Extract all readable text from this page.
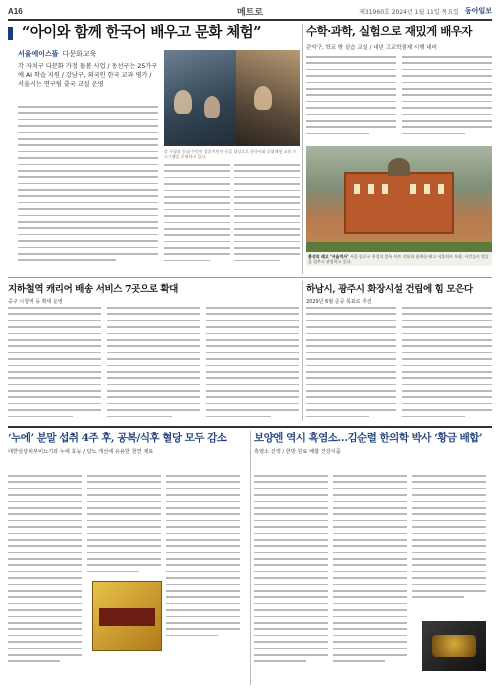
A16	메트로	제31960호 2024년 1월 11일 목요일 동아일보
“아이와 함께 한국어 배우고 문화 체험”
서울에이스뜰 다문화교육
각 자치구 다문화 가정 돌봄 사업 / 동선구는 25가구에 AI 학습 지원 / 강남구, 외국인 한국 교과 평가 / 서울시는 연구팀 출국 교실 운영
각 구청과 동네 주민이 결혼이민자 등을 대상으로 한국어와 문화체험 교육 프로그램을 운영하고 있다.
수학·과학, 실험으로 재밌게 배우자
관악구, 학교 밖 실습 교실 / 내년 고교학점제 시행 대비
홍성의 레고 ‘서울역사’ 서울 종로구 홍성의 블록 아트 작품과 함께한 레고 서울역사 모형. 시민들이 발길을 멈추고 관람하고 있다.
지하철역 캐리어 배송 서비스 7곳으로 확대
중구 시청역 등 확대 운영
하남시, 광주시 화장시설 건립에 힘 모은다
2029년 6월 준공 목표로 추진
‘누에’ 분말 섭취 4주 후, 공복/식후 혈당 모두 감소
대한임상피부비뇨기과 누에 효능 / 당뇨 개선에 유용한 천연 재료
보양엔 역시 흑염소…김순렬 한의학 박사 ‘황금 배합’
흑염소 진액 / 한방 원료 배합 건강식품
